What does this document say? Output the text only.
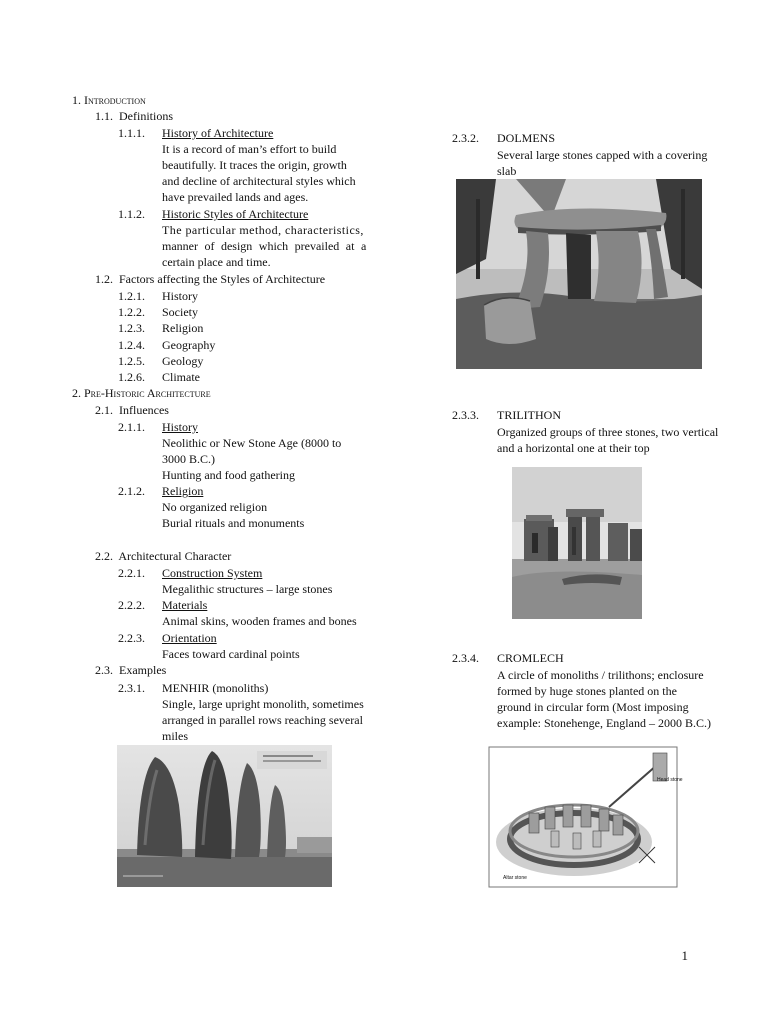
1. Introduction
1.1. Definitions
1.1.1. History of Architecture
It is a record of man’s effort to build
beautifully. It traces the origin, growth
and decline of architectural styles which
have prevailed lands and ages.
1.1.2. Historic Styles of Architecture
The particular method, characteristics,
manner of design which prevailed at a
certain place and time.
1.2. Factors affecting the Styles of Architecture
1.2.1. History
1.2.2. Society
1.2.3. Religion
1.2.4. Geography
1.2.5. Geology
1.2.6. Climate
2. Pre-Historic Architecture
2.1. Influences
2.1.1. History
Neolithic or New Stone Age (8000 to
3000 B.C.)
Hunting and food gathering
2.1.2. Religion
No organized religion
Burial rituals and monuments
2.2. Architectural Character
2.2.1. Construction System
Megalithic structures – large stones
2.2.2. Materials
Animal skins, wooden frames and bones
2.2.3. Orientation
Faces toward cardinal points
2.3. Examples
2.3.1. MENHIR (monoliths)
Single, large upright monolith, sometimes
arranged in parallel rows reaching several
miles
2.3.2. DOLMENS
Several large stones capped with a covering
slab
2.3.3. TRILITHON
Organized groups of three stones, two vertical
and a horizontal one at their top
2.3.4. CROMLECH
A circle of monoliths / trilithons; enclosure
formed by huge stones planted on the
ground in circular form (Most imposing
example: Stonehenge, England – 2000 B.C.)
Head stone
Altar stone
1
